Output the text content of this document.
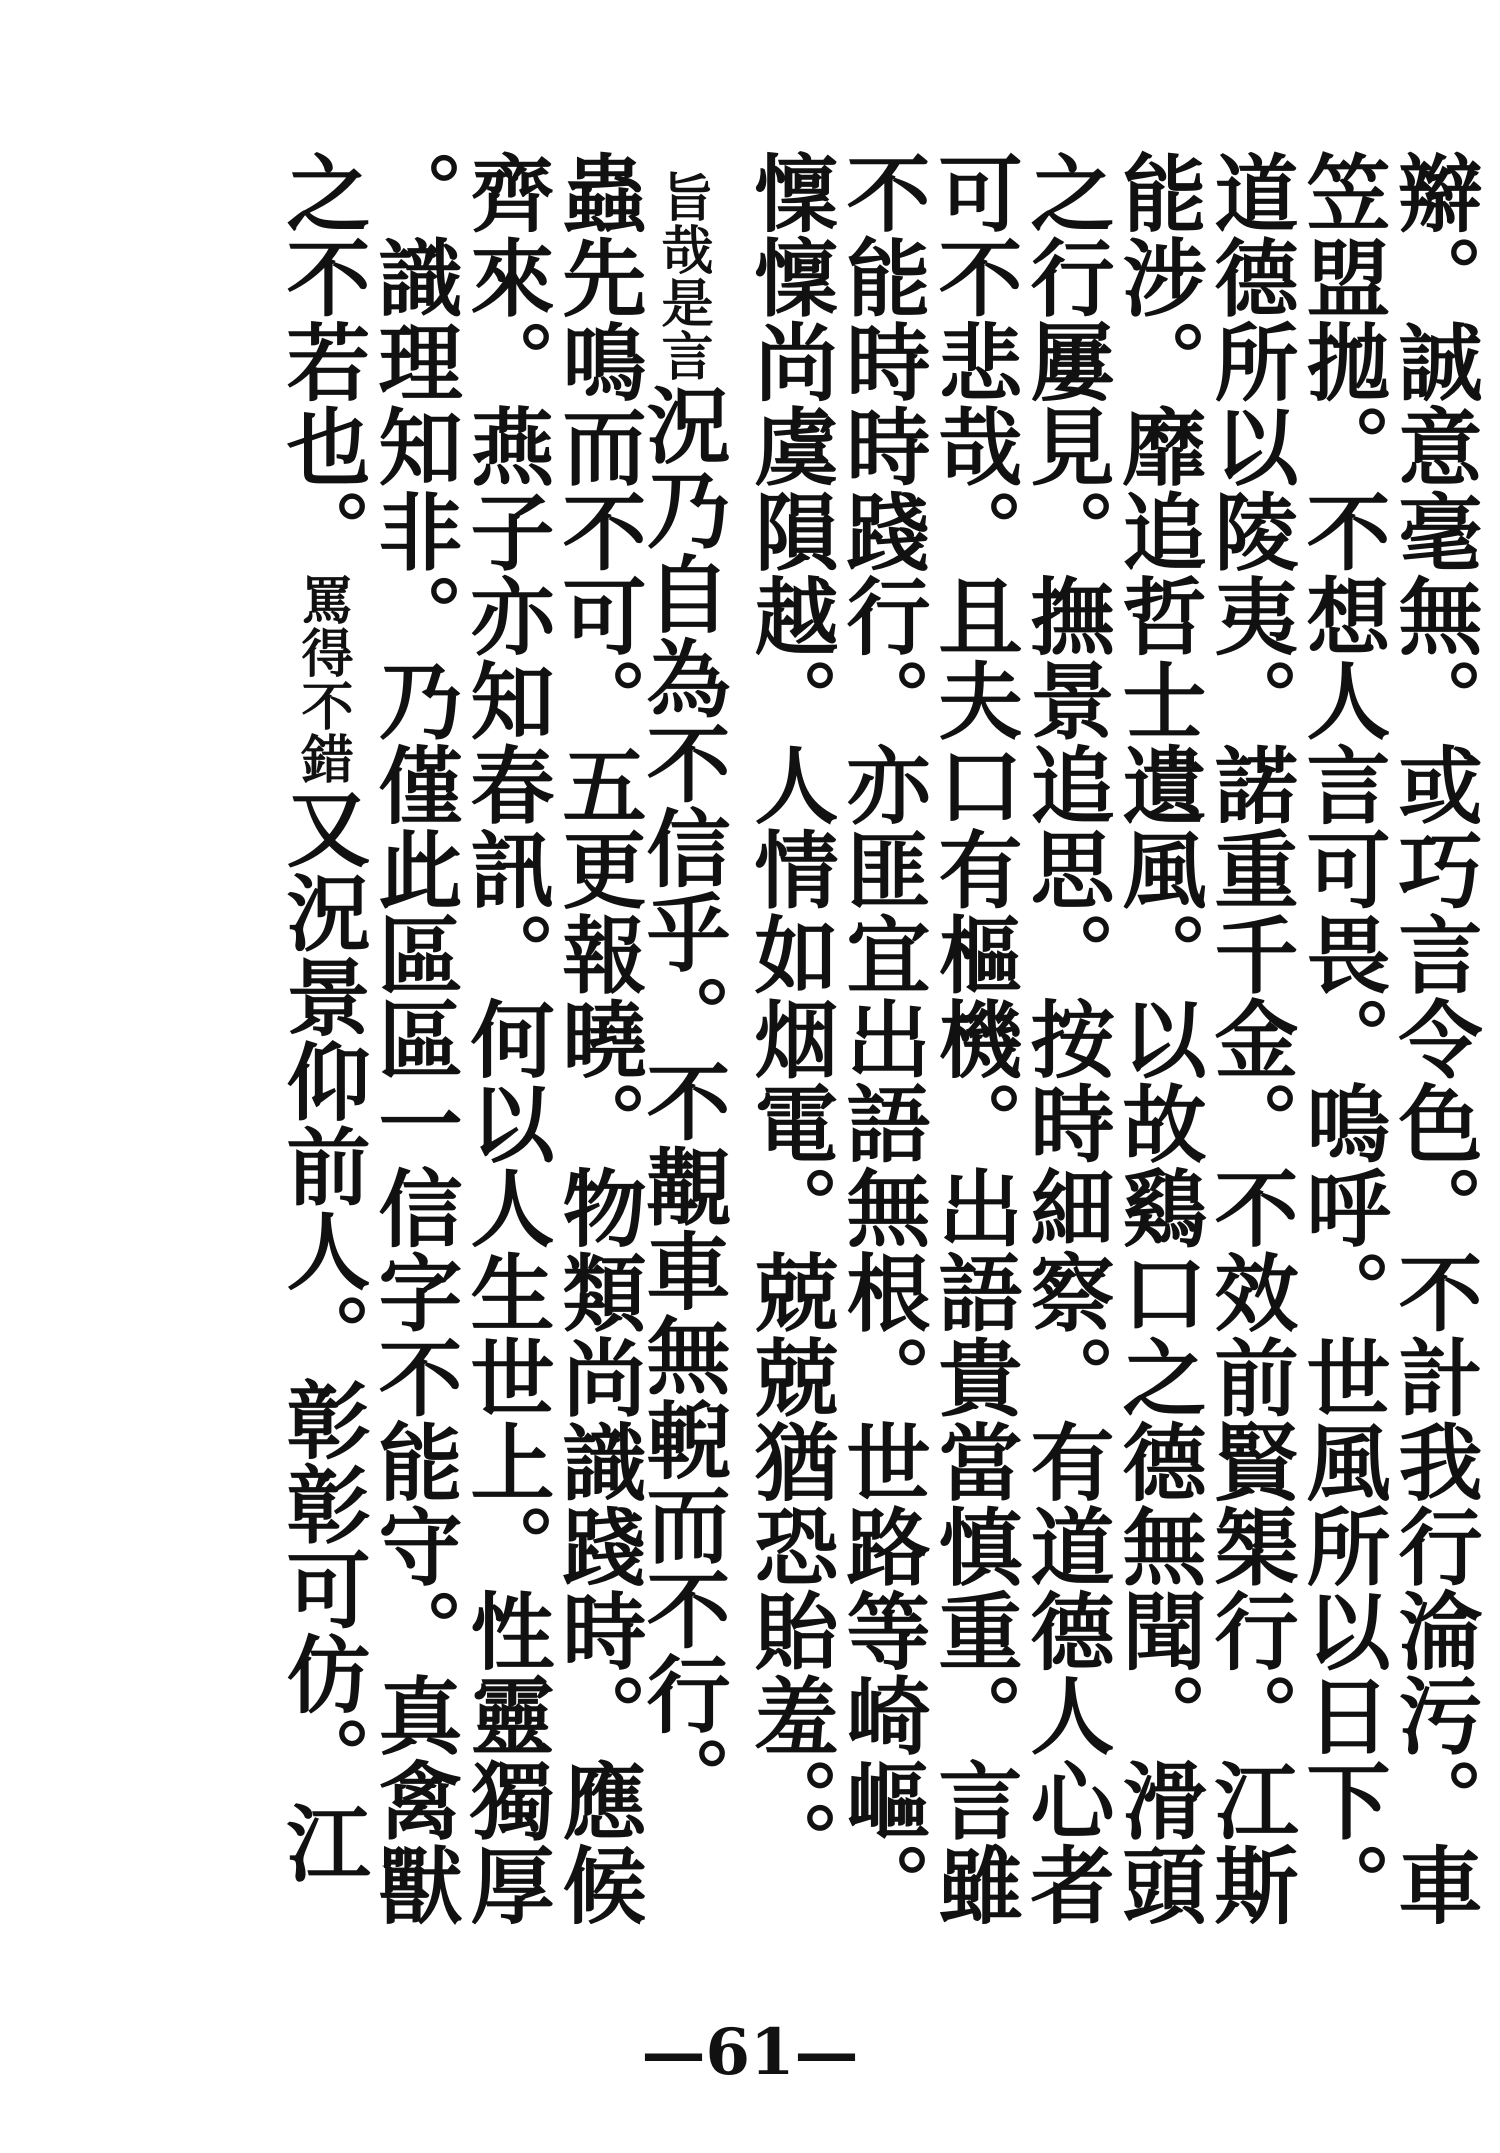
辮。誠意毫無。或巧言令色。不計我行淪污。車
笠盟拋。不想人言可畏。嗚呼。世風所以日下。
道德所以陵夷。諾重千金。不效前賢榘行。江斯
能涉。靡追哲士遺風。以故鷄口之德無聞。滑頭
之行屢見。撫景追思。按時細察。有道德人心者
可不悲哉。且夫口有樞機。出語貴當慎重。言雖
不能時時踐行。亦匪宜出語無根。世路等崎嶇。
懍懍尚虞隕越。人情如烟電。兢兢猶恐貽羞。。
旨哉是言況乃自為不信乎。不覯車無輗而不行。
蟲先鳴而不可。五更報曉。物類尚識踐時。應候
齊來。燕子亦知春訊。何以人生世上。性靈獨厚
。識理知非。乃僅此區區一信字不能守。真禽獸
之不若也。罵得不錯又況景仰前人。彰彰可仿。江
—61—
